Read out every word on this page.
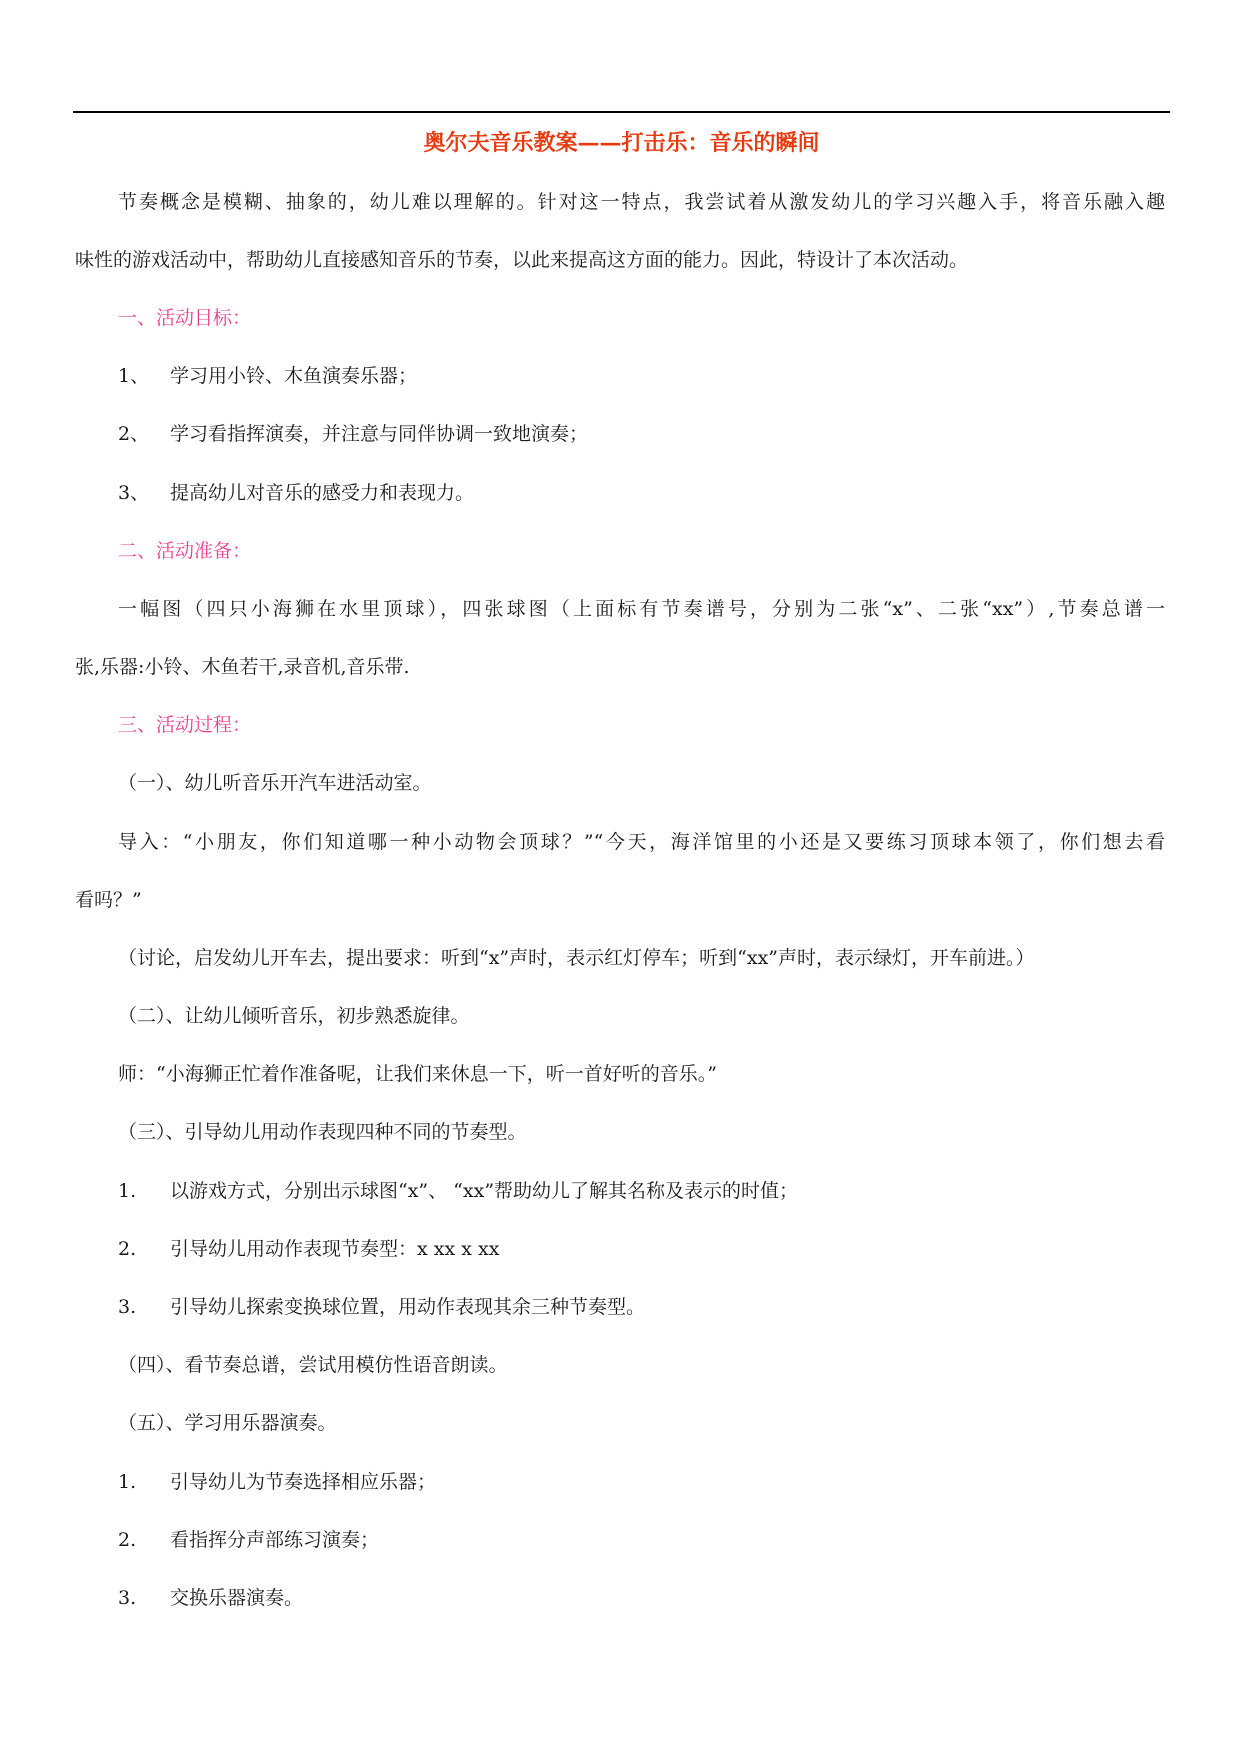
奥尔夫音乐教案——打击乐：音乐的瞬间
节奏概念是模糊、抽象的，幼儿难以理解的。针对这一特点，我尝试着从激发幼儿的学习兴趣入手，将音乐融入趣
味性的游戏活动中，帮助幼儿直接感知音乐的节奏，以此来提高这方面的能力。因此，特设计了本次活动。
一、活动目标：
1、 学习用小铃、木鱼演奏乐器；
2、 学习看指挥演奏，并注意与同伴协调一致地演奏；
3、 提高幼儿对音乐的感受力和表现力。
二、活动准备：
一幅图（四只小海狮在水里顶球），四张球图（上面标有节奏谱号，分别为二张“x”、二张“xx”）,节奏总谱一
张,乐器:小铃、木鱼若干,录音机,音乐带.
三、活动过程：
（一）、幼儿听音乐开汽车进活动室。
导入：“小朋友，你们知道哪一种小动物会顶球？”“今天，海洋馆里的小还是又要练习顶球本领了，你们想去看
看吗？”
（讨论，启发幼儿开车去，提出要求：听到“x”声时，表示红灯停车；听到“xx”声时，表示绿灯，开车前进。）
（二）、让幼儿倾听音乐，初步熟悉旋律。
师：“小海狮正忙着作准备呢，让我们来休息一下，听一首好听的音乐。”
（三）、引导幼儿用动作表现四种不同的节奏型。
1. 以游戏方式，分别出示球图“x”、 “xx”帮助幼儿了解其名称及表示的时值；
2. 引导幼儿用动作表现节奏型：x xx x xx
3. 引导幼儿探索变换球位置，用动作表现其余三种节奏型。
（四）、看节奏总谱，尝试用模仿性语音朗读。
（五）、学习用乐器演奏。
1. 引导幼儿为节奏选择相应乐器；
2. 看指挥分声部练习演奏；
3. 交换乐器演奏。
